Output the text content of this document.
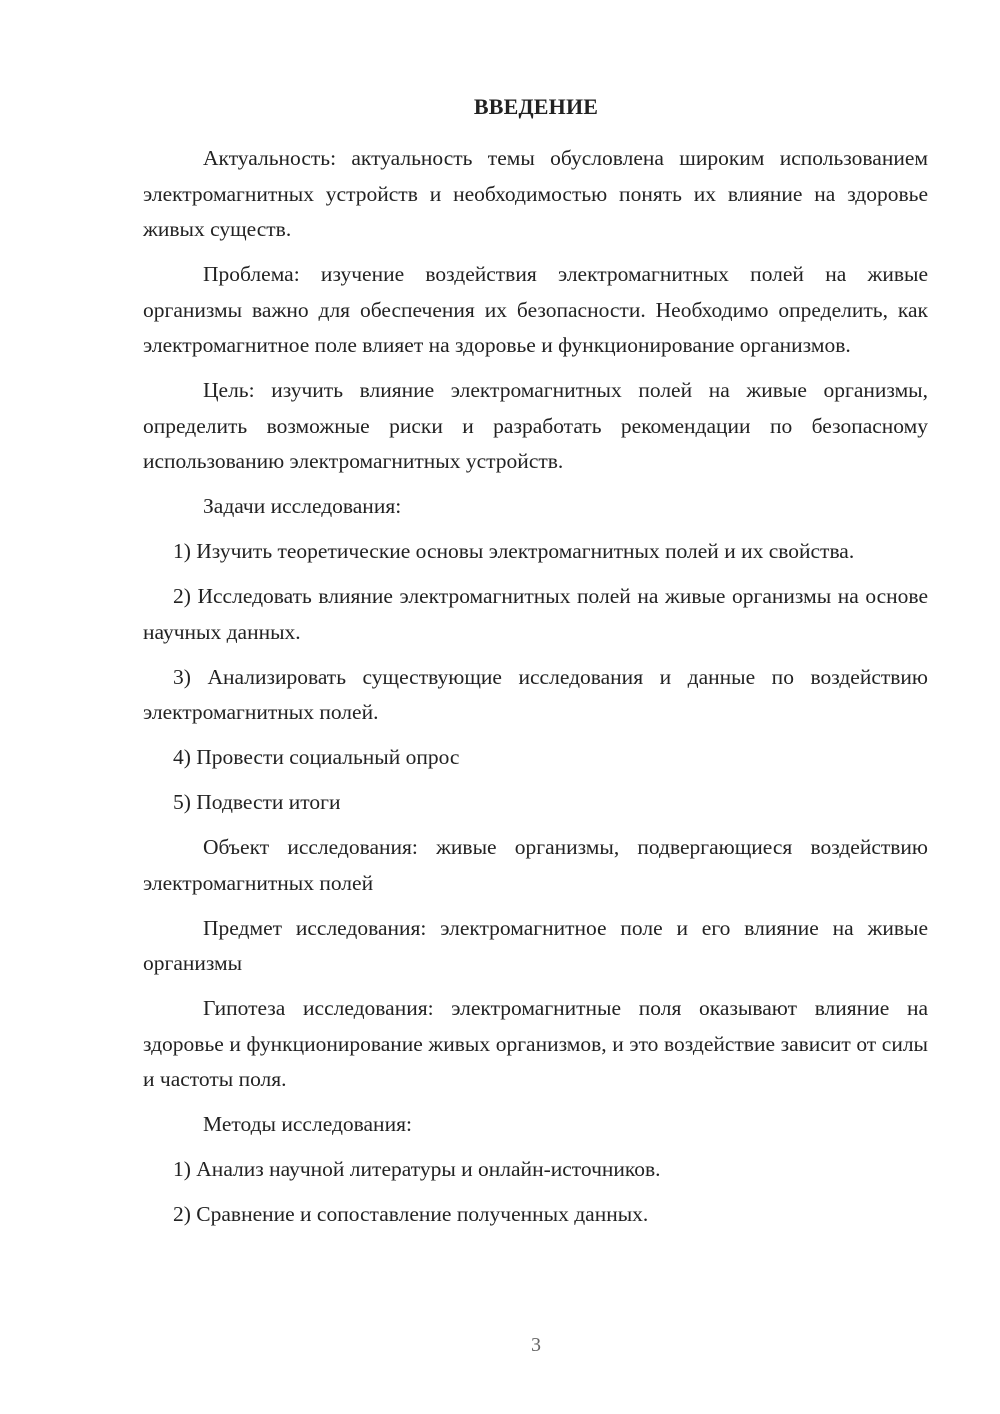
ВВЕДЕНИЕ

Актуальность: актуальность темы обусловлена широким использованием электромагнитных устройств и необходимостью понять их влияние на здоровье живых существ.

Проблема: изучение воздействия электромагнитных полей на живые организмы важно для обеспечения их безопасности. Необходимо определить, как электромагнитное поле влияет на здоровье и функционирование организмов.

Цель: изучить влияние электромагнитных полей на живые организмы, определить возможные риски и разработать рекомендации по безопасному использованию электромагнитных устройств.

Задачи исследования:

1) Изучить теоретические основы электромагнитных полей и их свойства.

2) Исследовать влияние электромагнитных полей на живые организмы на основе научных данных.

3) Анализировать существующие исследования и данные по воздействию электромагнитных полей.

4) Провести социальный опрос

5) Подвести итоги

Объект исследования: живые организмы, подвергающиеся воздействию электромагнитных полей

Предмет исследования: электромагнитное поле и его влияние на живые организмы

Гипотеза исследования: электромагнитные поля оказывают влияние на здоровье и функционирование живых организмов, и это воздействие зависит от силы и частоты поля.

Методы исследования:

1) Анализ научной литературы и онлайн-источников.

2) Сравнение и сопоставление полученных данных.

3
